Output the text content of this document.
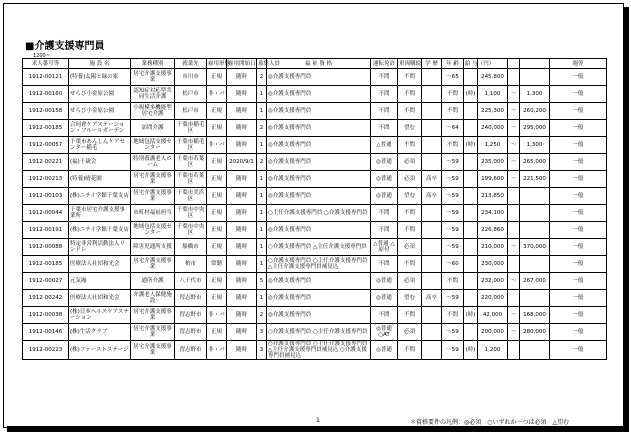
■介護支援専門員
1200~
求人番号等	施 設 名	業務種別	就業先	雇用形態	雇用開始日	募集人員	福 祉 資 格	運転免許	車両購続	学 歴	年 齢	給 与（円）				週等
1912-00121	(特養)太陽と緑の家	居宅介護支援事業	市川市	正規	随時	2	◎介護支援専門員	不問	不問		～65		245,800			一般
1912-00160	せらび小金原公園	認知症対応型共同生活介護	松戸市	非・パ	随時	1	◎介護支援専門員	不問	不問		不問	(時)	1,100	～	1,300	一般
1912-00158	せらび小金原公園	小規模多機能型居宅介護	松戸市	正規	随時	1	◎介護支援専門員	不問	不問		不問		225,300	～	260,200	一般
1912-00185	合同會ケアステーション・フルールガーデン	訪問介護	千葉市稲毛区	正規	随時	2	◎介護支援専門員	不問	望む		～64		240,000	～	295,000	一般
1912-00057	千葉市あんしんケアセンター稲毛	地域包括支援センター	千葉市稲毛区	非・パ	随時	1	◎介護支援専門員	△普通	不問		不問	(時)	1,250	～	1,300	一般
1912-00221	(福)千歳会	特別養護老人ホーム	千葉市若葉区	正規	2020/9/1	2	◎介護支援専門員	◎普通	必須		～59		235,000	～	265,000	一般
1912-00213	(特養)晴花園	居宅介護支援事業	千葉市若葉区	正規	随時	1	◎介護支援専門員	◎普通	必須	高卒	～59		199,600	～	221,500	一般
1912-00103	(株)ニチイ学館千葉支店	居宅介護支援事業	千葉市美浜区	正規	随時	1	◎介護支援専門員	◎普通	望む	高卒	～59		213,850			一般
1912-00044	千葉市居宅介護支援事業所	市町村福祉担当	千葉市中央区	正規	随時	1	○主任介護支援専門員 ○介護支援専門員	不問	不問		～59		234,100			一般
1912-00191	(株)ニチイ学館千葉支店	地域包括支援センター	千葉市中央区	正規	随時	1	◎介護支援専門員	不問	不問		～59		226,860			一般
1912-00088	特定非営利活動法人リンドレ	障害児通所支援	船橋市	正規	随時	1	○介護支援専門員 △主任介護支援専門員	△普通 △原付	必須		～59		210,000	～	370,000	一般
1912-00185	医療法人社団和光会	居宅介護支援事業	柏市	常勤	随時	1	○介護支援専門員 ○主任介護支援専門員 △主任介護支援専門員補見込	不問	不問		～60		230,000			一般
1912-00027	元気庵	通所介護	八千代市	正規	随時	5	◎介護支援専門員	◎普通	必須		不問		232,000	～	267,000	一般
1912-00242	医療法人社団和光会	介護老人保健施設	習志野市	正規	随時	1	◎介護支援専門員	◎普通	望む	高卒	～59		220,000			一般
1912-00038	(株)日本ヘルスケアステーション	居宅介護支援事業	習志野市	非・パ	随時	2	◎介護支援専門員	不問	不問		不問	(時)	42,000	～	168,000	一般
1912-00146	(株)生活クラブ	居宅介護支援事業	習志野市	正規	随時	3	○介護支援専門員 ○主任介護支援専門員	◎普通 ○AT	必須		～59		200,000	～	280,000	一般
1912-00223	(株)ファーストステージ	居宅介護支援事業	習志野市	非・パ	随時	3	○介護支援専門員 ○主任介護支援専門員 △主任介護支援専門員補見込 ○介護支援専門員補見込	◎普通	不問		～59	(時)	1,200			一般
1	＊資格要件の凡例：◎必須　○いずれか一つは必須　△望む
